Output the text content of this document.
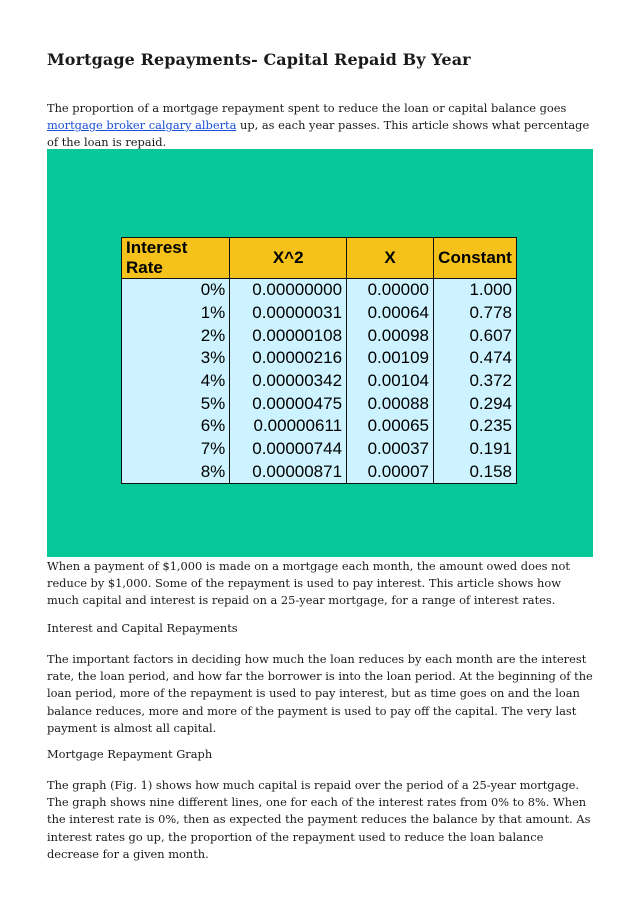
Mortgage Repayments- Capital Repaid By Year

The proportion of a mortgage repayment spent to reduce the loan or capital balance goes mortgage broker calgary alberta up, as each year passes. This article shows what percentage of the loan is repaid.

Interest Rate	X^2	X	Constant
0%	0.00000000	0.00000	1.000
1%	0.00000031	0.00064	0.778
2%	0.00000108	0.00098	0.607
3%	0.00000216	0.00109	0.474
4%	0.00000342	0.00104	0.372
5%	0.00000475	0.00088	0.294
6%	0.00000611	0.00065	0.235
7%	0.00000744	0.00037	0.191
8%	0.00000871	0.00007	0.158

When a payment of $1,000 is made on a mortgage each month, the amount owed does not reduce by $1,000. Some of the repayment is used to pay interest. This article shows how much capital and interest is repaid on a 25-year mortgage, for a range of interest rates.

Interest and Capital Repayments

The important factors in deciding how much the loan reduces by each month are the interest rate, the loan period, and how far the borrower is into the loan period. At the beginning of the loan period, more of the repayment is used to pay interest, but as time goes on and the loan balance reduces, more and more of the payment is used to pay off the capital. The very last payment is almost all capital.

Mortgage Repayment Graph

The graph (Fig. 1) shows how much capital is repaid over the period of a 25-year mortgage. The graph shows nine different lines, one for each of the interest rates from 0% to 8%. When the interest rate is 0%, then as expected the payment reduces the balance by that amount. As interest rates go up, the proportion of the repayment used to reduce the loan balance decrease for a given month.
